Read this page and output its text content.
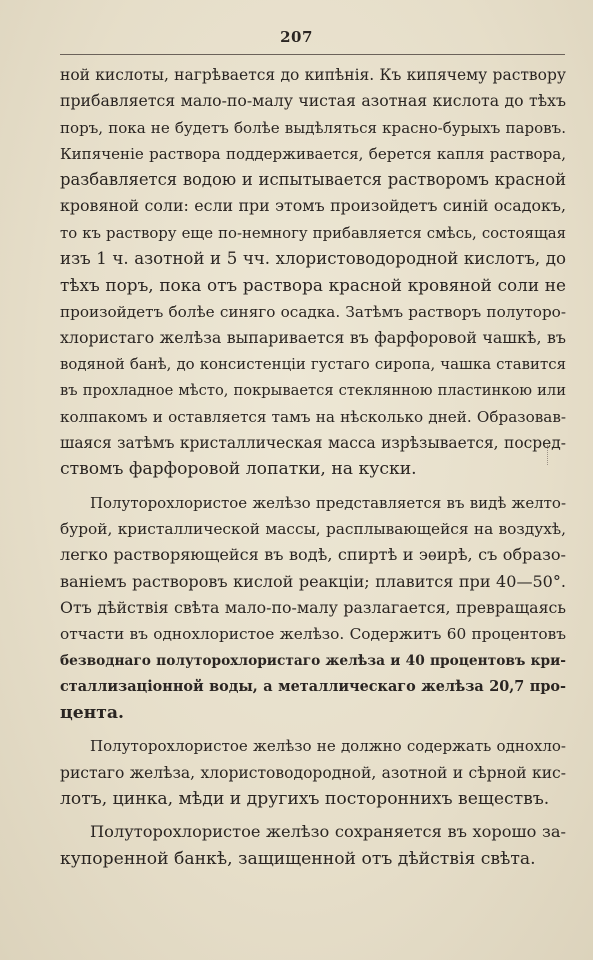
207
ной кислоты, нагрѣвается до кипѣнія. Къ кипячему раствору
прибавляется мало-по-малу чистая азотная кислота до тѣхъ
поръ, пока не будетъ болѣе выдѣляться красно-бурыхъ паровъ.
Кипяченіе раствора поддерживается, берется капля раствора,
разбавляется водою и испытывается растворомъ красной
кровяной соли: если при этомъ произойдетъ синій осадокъ,
то къ раствору еще по-немногу прибавляется смѣсь, состоящая
изъ 1 ч. азотной и 5 чч. хлористоводородной кислотъ, до
тѣхъ поръ, пока отъ раствора красной кровяной соли не
произойдетъ болѣе синяго осадка. Затѣмъ растворъ полуторо-
хлористаго желѣза выпаривается въ фарфоровой чашкѣ, въ
водяной банѣ, до консистенціи густаго сиропа, чашка ставится
въ прохладное мѣсто, покрывается стеклянною пластинкою или
колпакомъ и оставляется тамъ на нѣсколько дней. Образовав-
шаяся затѣмъ кристаллическая масса изрѣзывается, посред-
ствомъ фарфоровой лопатки, на куски.
Полуторохлористое желѣзо представляется въ видѣ желто-
бурой, кристаллической массы, расплывающейся на воздухѣ,
легко растворяющейся въ водѣ, спиртѣ и эѳирѣ, съ образо-
ваніемъ растворовъ кислой реакціи; плавится при 40—50°.
Отъ дѣйствія свѣта мало-по-малу разлагается, превращаясь
отчасти въ однохлористое желѣзо. Содержитъ 60 процентовъ
безводнаго полуторохлористаго желѣза и 40 процентовъ кри-
сталлизаціонной воды, а металлическаго желѣза 20,7 про-
цента.
Полуторохлористое желѣзо не должно содержать однохло-
ристаго желѣза, хлористоводородной, азотной и сѣрной кис-
лотъ, цинка, мѣди и другихъ постороннихъ веществъ.
Полуторохлористое желѣзо сохраняется въ хорошо за-
купоренной банкѣ, защищенной отъ дѣйствія свѣта.
